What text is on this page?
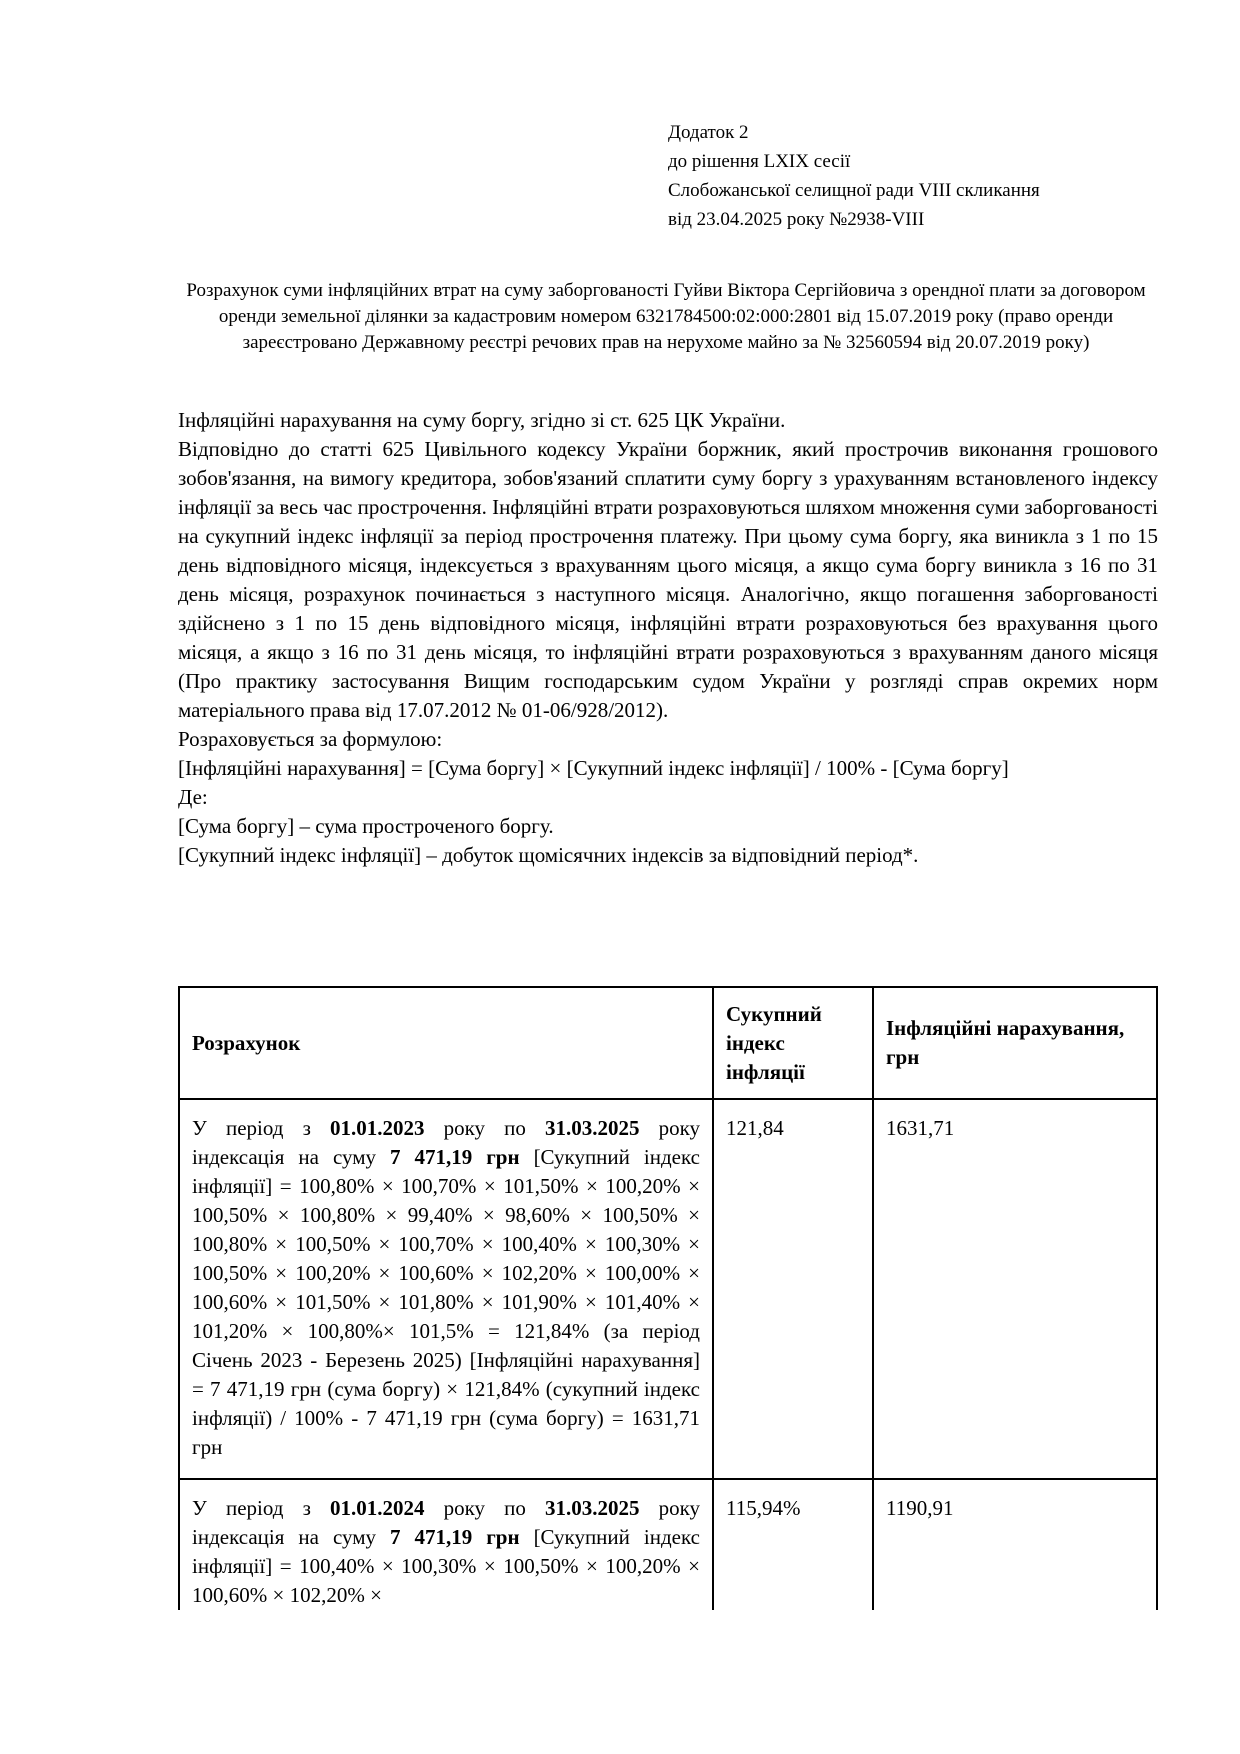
Додаток 2
до рішення LXIX сесії
Слобожанської селищної ради VIII скликання
від 23.04.2025 року №2938-VIII
Розрахунок суми інфляційних втрат на суму заборгованості Гуйви Віктора Сергійовича з орендної плати за договором оренди земельної ділянки за кадастровим номером 6321784500:02:000:2801 від 15.07.2019 року (право оренди зареєстровано Державному реєстрі речових прав на нерухоме майно за № 32560594 від 20.07.2019 року)

Інфляційні нарахування на суму боргу, згідно зі ст. 625 ЦК України.

Відповідно до статті 625 Цивільного кодексу України боржник, який прострочив виконання грошового зобов'язання, на вимогу кредитора, зобов'язаний сплатити суму боргу з урахуванням встановленого індексу інфляції за весь час прострочення. Інфляційні втрати розраховуються шляхом множення суми заборгованості на сукупний індекс інфляції за період прострочення платежу. При цьому сума боргу, яка виникла з 1 по 15 день відповідного місяця, індексується з врахуванням цього місяця, а якщо сума боргу виникла з 16 по 31 день місяця, розрахунок починається з наступного місяця. Аналогічно, якщо погашення заборгованості здійснено з 1 по 15 день відповідного місяця, інфляційні втрати розраховуються без врахування цього місяця, а якщо з 16 по 31 день місяця, то інфляційні втрати розраховуються з врахуванням даного місяця (Про практику застосування Вищим господарським судом України у розгляді справ окремих норм матеріального права від 17.07.2012 № 01-06/928/2012).

Розраховується за формулою:

[Інфляційні нарахування] = [Сума боргу] × [Сукупний індекс інфляції] / 100% - [Сума боргу]

Де:

[Сума боргу] – сума простроченого боргу.

[Сукупний індекс інфляції] – добуток щомісячних індексів за відповідний період*.

Розрахунок	Сукупний індекс інфляції	Інфляційні нарахування, грн
У період з 01.01.2023 року по 31.03.2025 року індексація на суму 7 471,19 грн [Сукупний індекс інфляції] = 100,80% × 100,70% × 101,50% × 100,20% × 100,50% × 100,80% × 99,40% × 98,60% × 100,50% × 100,80% × 100,50% × 100,70% × 100,40% × 100,30% × 100,50% × 100,20% × 100,60% × 102,20% × 100,00% × 100,60% × 101,50% × 101,80% × 101,90% × 101,40% × 101,20% × 100,80%× 101,5% = 121,84% (за період Січень 2023 - Березень 2025) [Інфляційні нарахування] = 7 471,19 грн (сума боргу) × 121,84% (сукупний індекс інфляції) / 100% - 7 471,19 грн (сума боргу) = 1631,71 грн	121,84	1631,71
У період з 01.01.2024 року по 31.03.2025 року індексація на суму 7 471,19 грн [Сукупний індекс інфляції] = 100,40% × 100,30% × 100,50% × 100,20% × 100,60% × 102,20% ×	115,94%	1190,91
